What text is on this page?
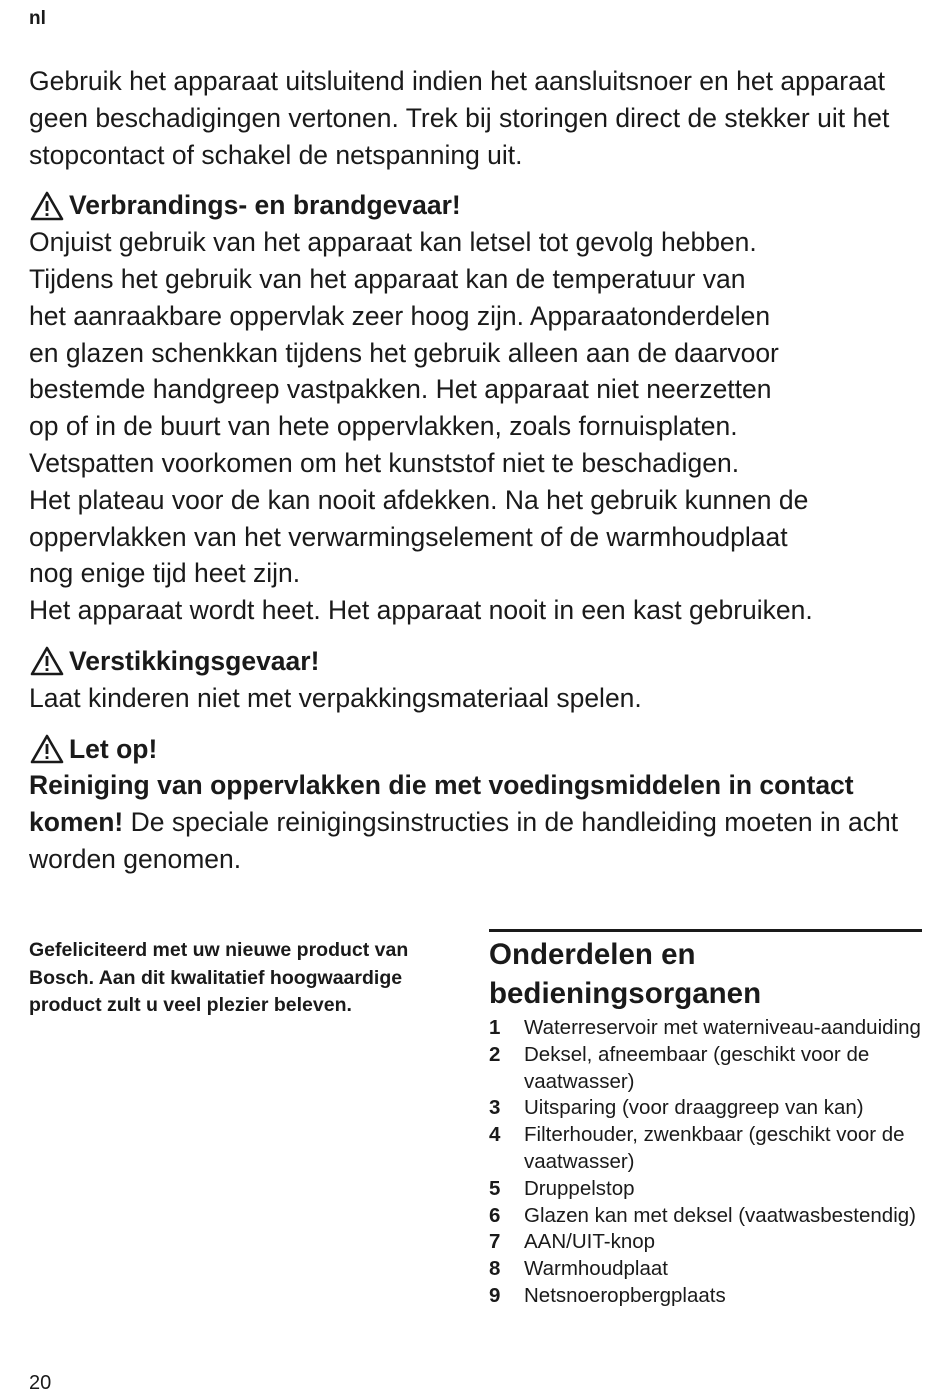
nl

Gebruik het apparaat uitsluitend indien het aansluitsnoer en het apparaat geen beschadigingen vertonen. Trek bij storingen direct de stekker uit het stopcontact of schakel de netspanning uit.

Verbrandings- en brandgevaar!

Onjuist gebruik van het apparaat kan letsel tot gevolg hebben.

Tijdens het gebruik van het apparaat kan de temperatuur van

het aanraakbare oppervlak zeer hoog zijn. Apparaatonderdelen

en glazen schenkkan tijdens het gebruik alleen aan de daarvoor

bestemde handgreep vastpakken. Het apparaat niet neerzetten

op of in de buurt van hete oppervlakken, zoals fornuisplaten.

Vetspatten voorkomen om het kunststof niet te beschadigen.

Het plateau voor de kan nooit afdekken. Na het gebruik kunnen de

oppervlakken van het verwarmingselement of de warmhoudplaat

nog enige tijd heet zijn.

Het apparaat wordt heet. Het apparaat nooit in een kast gebruiken.

Verstikkingsgevaar!

Laat kinderen niet met verpakkingsmateriaal spelen.

Let op!

Reiniging van oppervlakken die met voedingsmiddelen in contact komen! De speciale reinigingsinstructies in de handleiding moeten in acht worden genomen.

Gefeliciteerd met uw nieuwe product van Bosch. Aan dit kwalitatief hoogwaardige product zult u veel plezier beleven.
Onderdelen en bedieningsorganen
1	Waterreservoir met waterniveau-aanduiding
2	Deksel, afneembaar (geschikt voor de vaatwasser)
3	Uitsparing (voor draaggreep van kan)
4	Filterhouder, zwenkbaar (geschikt voor de vaatwasser)
5	Druppelstop
6	Glazen kan met deksel (vaatwasbestendig)
7	AAN/UIT-knop
8	Warmhoudplaat
9	Netsnoeropbergplaats
20
